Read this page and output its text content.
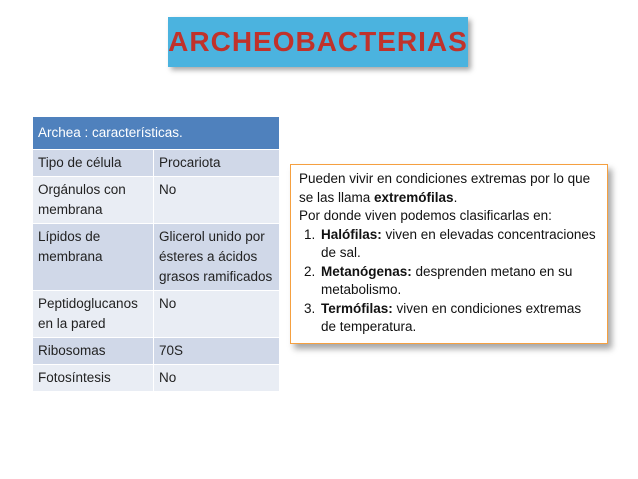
ARCHEOBACTERIAS
Archea : características.	
Tipo de célula	Procariota
Orgánulos con membrana	No
Lípidos de membrana	Glicerol unido por ésteres a ácidos grasos ramificados
Peptidoglucanos en la pared	No
Ribosomas	70S
Fotosíntesis	No

Pueden vivir en condiciones extremas por lo que se las llama extremófilas.

Por donde viven podemos clasificarlas en:

1. Halófilas: viven en elevadas concentraciones de sal.
2. Metanógenas: desprenden metano en su metabolismo.
3. Termófilas: viven en condiciones extremas de temperatura.
